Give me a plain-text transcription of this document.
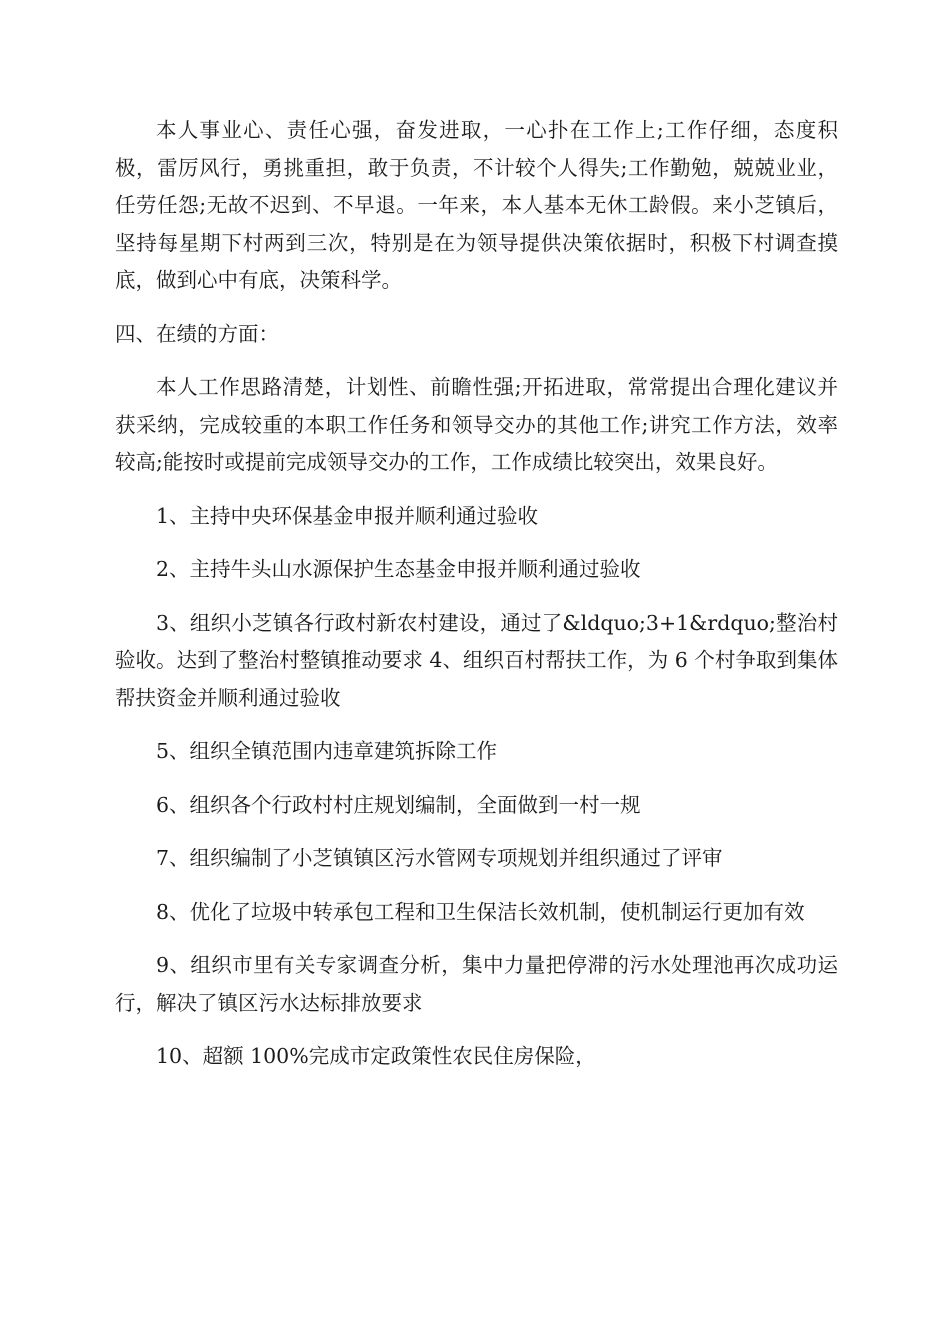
本人事业心、责任心强，奋发进取，一心扑在工作上;工作仔细，态度积极，雷厉风行，勇挑重担，敢于负责，不计较个人得失;工作勤勉，兢兢业业，任劳任怨;无故不迟到、不早退。一年来，本人基本无休工龄假。来小芝镇后，坚持每星期下村两到三次，特别是在为领导提供决策依据时，积极下村调查摸底，做到心中有底，决策科学。

四、在绩的方面：

本人工作思路清楚，计划性、前瞻性强;开拓进取，常常提出合理化建议并获采纳，完成较重的本职工作任务和领导交办的其他工作;讲究工作方法，效率较高;能按时或提前完成领导交办的工作，工作成绩比较突出，效果良好。

1、主持中央环保基金申报并顺利通过验收

2、主持牛头山水源保护生态基金申报并顺利通过验收

3、组织小芝镇各行政村新农村建设，通过了&ldquo;3+1&rdquo;整治村验收。达到了整治村整镇推动要求 4、组织百村帮扶工作，为 6 个村争取到集体帮扶资金并顺利通过验收

5、组织全镇范围内违章建筑拆除工作

6、组织各个行政村村庄规划编制，全面做到一村一规

7、组织编制了小芝镇镇区污水管网专项规划并组织通过了评审

8、优化了垃圾中转承包工程和卫生保洁长效机制，使机制运行更加有效

9、组织市里有关专家调查分析，集中力量把停滞的污水处理池再次成功运行，解决了镇区污水达标排放要求

10、超额 100%完成市定政策性农民住房保险，
